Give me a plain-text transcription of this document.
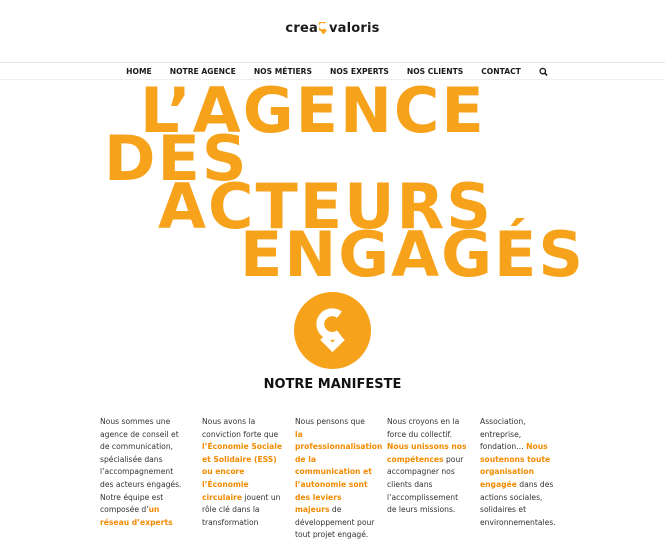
crea valoris
HOME NOTRE AGENCE NOS MÉTIERS NOS EXPERTS NOS CLIENTS CONTACT
L’AGENCE
DES
ACTEURS
ENGAGÉS
NOTRE MANIFESTE
Nous sommes une agence de conseil et de communication, spécialisée dans l’accompagnement des acteurs engagés. Notre équipe est composée d’un réseau d’experts
Nous avons la conviction forte que l’Économie Sociale et Solidaire (ESS) ou encore l’Économie circulaire jouent un rôle clé dans la transformation
Nous pensons que la professionnalisation de la communication et l’autonomie sont des leviers majeurs de développement pour tout projet engagé.
Nous croyons en la force du collectif. Nous unissons nos compétences pour accompagner nos clients dans l’accomplissement de leurs missions.
Association, entreprise, fondation… Nous soutenons toute organisation engagée dans des actions sociales, solidaires et environnementales.
